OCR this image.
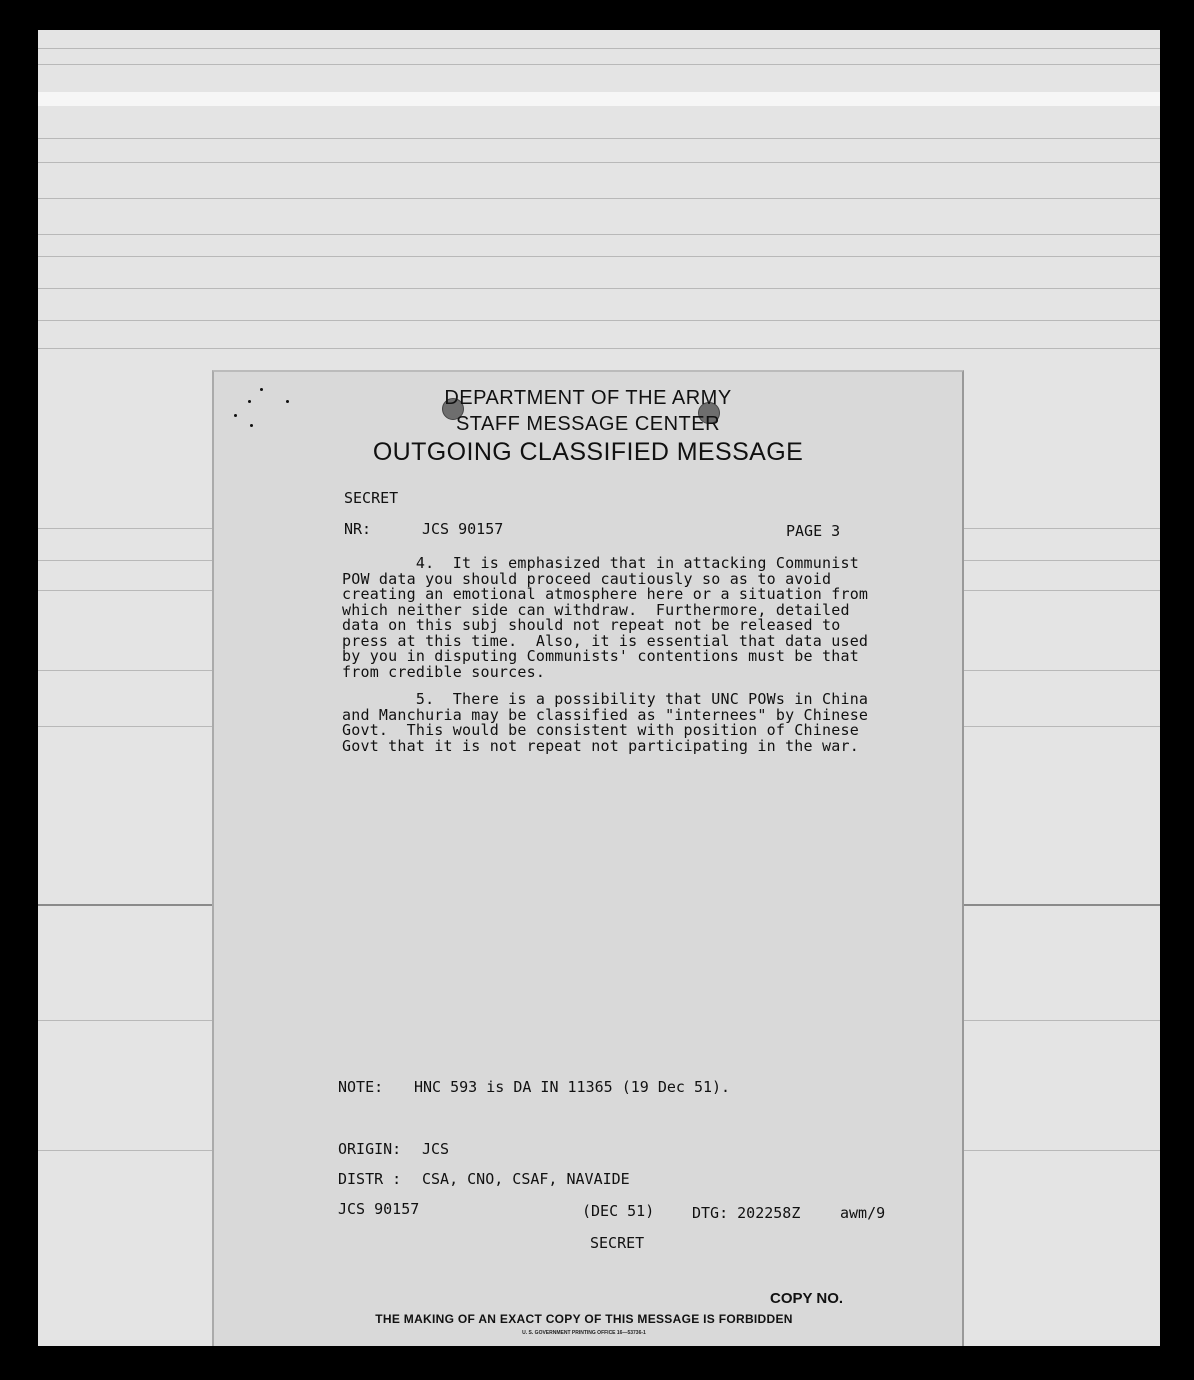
DEPARTMENT OF THE ARMY
STAFF MESSAGE CENTER
OUTGOING CLASSIFIED MESSAGE
SECRET
NR:	JCS 90157	PAGE 3
4.  It is emphasized that in attacking Communist
POW data you should proceed cautiously so as to avoid
creating an emotional atmosphere here or a situation from
which neither side can withdraw.  Furthermore, detailed
data on this subj should not repeat not be released to
press at this time.  Also, it is essential that data used
by you in disputing Communists' contentions must be that
from credible sources.
5.  There is a possibility that UNC POWs in China
and Manchuria may be classified as "internees" by Chinese
Govt.  This would be consistent with position of Chinese
Govt that it is not repeat not participating in the war.
NOTE: HNC 593 is DA IN 11365 (19 Dec 51).
ORIGIN: JCS
DISTR : CSA, CNO, CSAF, NAVAIDE
JCS 90157	(DEC 51)	DTG: 202258Z	awm/9
SECRET
COPY NO.
THE MAKING OF AN EXACT COPY OF THIS MESSAGE IS FORBIDDEN
U. S. GOVERNMENT PRINTING OFFICE 16—53736-1
